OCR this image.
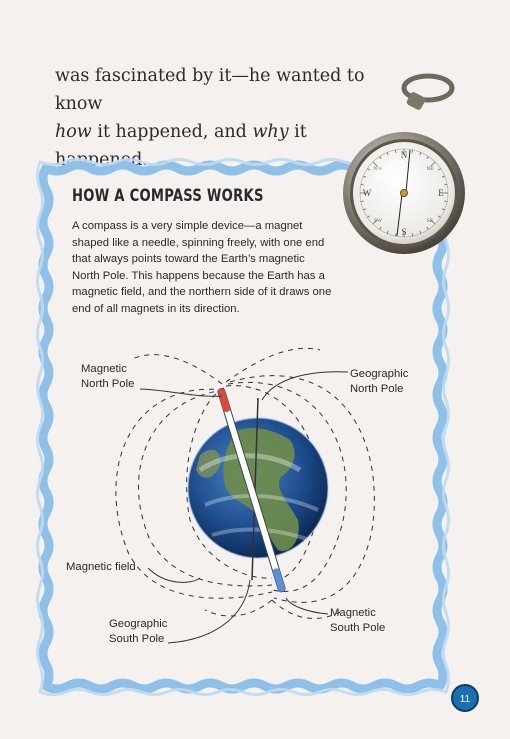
was fascinated by it—he wanted to know

how it happened, and why it happened.	N
E
S
W
NE
SE
SW
NW
HOW A COMPASS WORKS
A compass is a very simple device—a magnet
shaped like a needle, spinning freely, with one end
that always points toward the Earth’s magnetic
North Pole. This happens because the Earth has a
magnetic field, and the northern side of it draws one
end of all magnets in its direction.
Magnetic
North Pole
Geographic
North Pole
Magnetic field
Geographic
South Pole
Magnetic
South Pole
11
